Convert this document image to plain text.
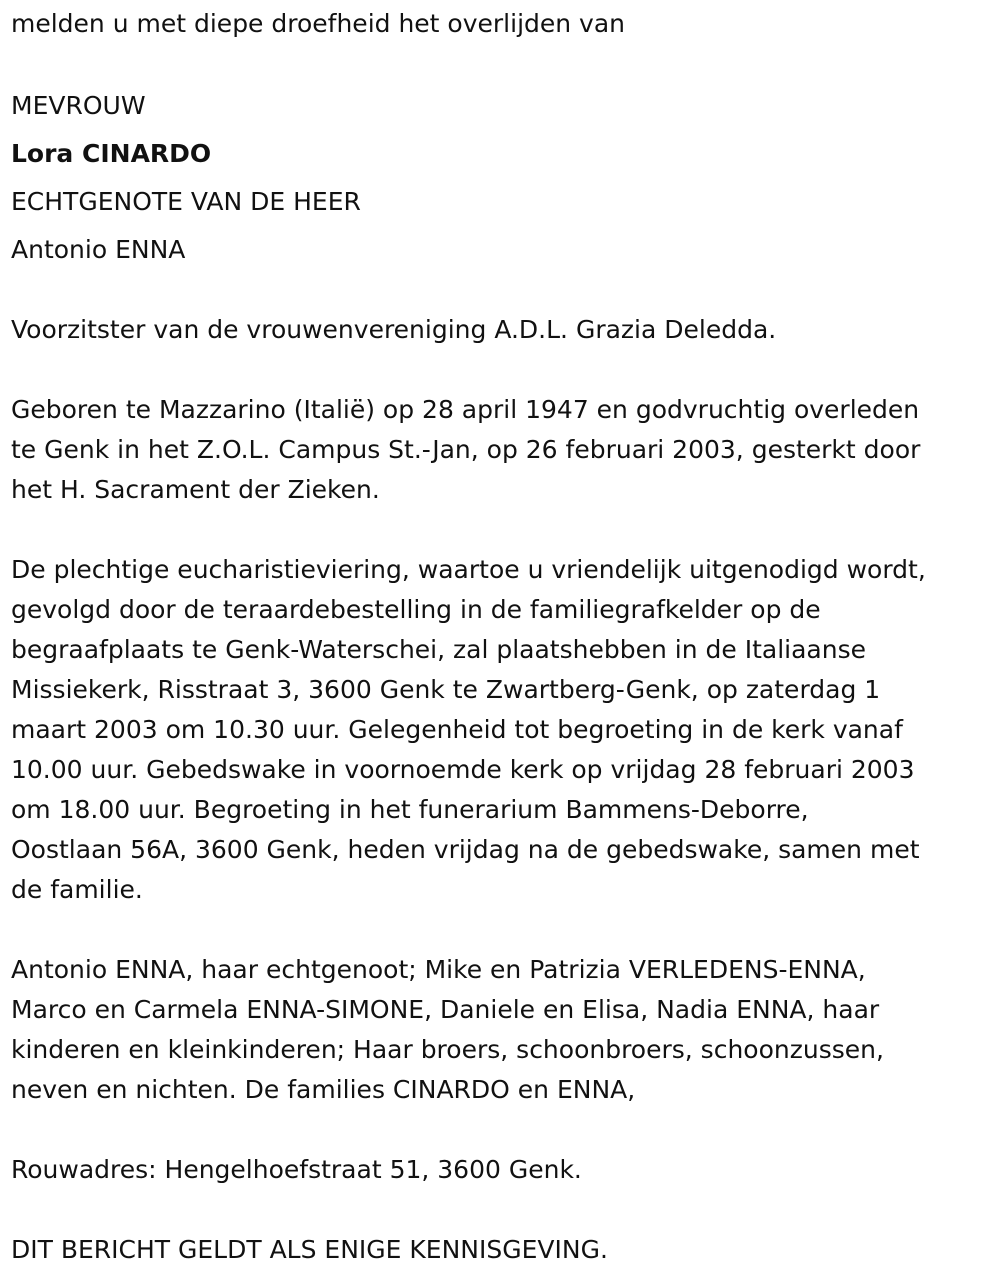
melden u met diepe droefheid het overlijden van

MEVROUW

Lora CINARDO

ECHTGENOTE VAN DE HEER

Antonio ENNA

Voorzitster van de vrouwenvereniging A.D.L. Grazia Deledda.

Geboren te Mazzarino (Italië) op 28 april 1947 en godvruchtig overleden
te Genk in het Z.O.L. Campus St.-Jan, op 26 februari 2003, gesterkt door
het H. Sacrament der Zieken.
De plechtige eucharistieviering, waartoe u vriendelijk uitgenodigd wordt,
gevolgd door de teraardebestelling in de familiegrafkelder op de
begraafplaats te Genk-Waterschei, zal plaatshebben in de Italiaanse
Missiekerk, Risstraat 3, 3600 Genk te Zwartberg-Genk, op zaterdag 1
maart 2003 om 10.30 uur. Gelegenheid tot begroeting in de kerk vanaf
10.00 uur. Gebedswake in voornoemde kerk op vrijdag 28 februari 2003
om 18.00 uur. Begroeting in het funerarium Bammens-Deborre,
Oostlaan 56A, 3600 Genk, heden vrijdag na de gebedswake, samen met
de familie.
Antonio ENNA, haar echtgenoot; Mike en Patrizia VERLEDENS-ENNA,
Marco en Carmela ENNA-SIMONE, Daniele en Elisa, Nadia ENNA, haar
kinderen en kleinkinderen; Haar broers, schoonbroers, schoonzussen,
neven en nichten. De families CINARDO en ENNA,

Rouwadres: Hengelhoefstraat 51, 3600 Genk.

DIT BERICHT GELDT ALS ENIGE KENNISGEVING.
